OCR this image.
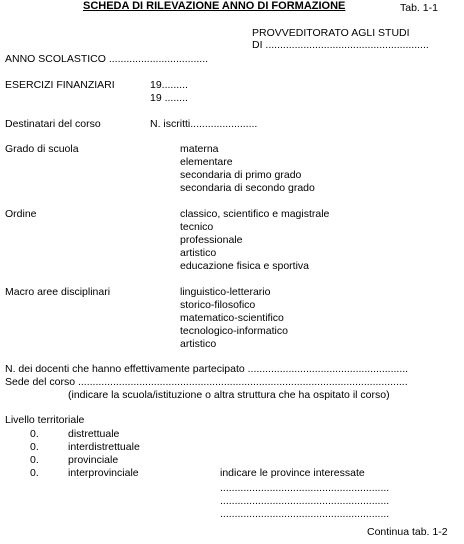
SCHEDA DI RILEVAZIONE ANNO DI FORMAZIONE	Tab. 1-1
PROVVEDITORATO AGLI STUDI
DI ........................................................
ANNO SCOLASTICO ..................................
ESERCIZI FINANZIARI	19.........
19 ........
Destinatari del corso	N. iscritti.......................
Grado di scuola	materna
elementare
secondaria di primo grado
secondaria di secondo grado
Ordine	classico, scientifico e magistrale
tecnico
professionale
artistico
educazione fisica e sportiva
Macro aree disciplinari	linguistico-letterario
storico-filosofico
matematico-scientifico
tecnologico-informatico
artistico
N. dei docenti che hanno effettivamente partecipato .......................................................
Sede del corso .................................................................................................................
(indicare la scuola/istituzione o altra struttura che ha ospitato il corso)
Livello territoriale
0.	distrettuale
0.	interdistrettuale
0.	provinciale
0.	interprovinciale	indicare le province interessate
..........................................................
..........................................................
..........................................................
Continua tab. 1-2
